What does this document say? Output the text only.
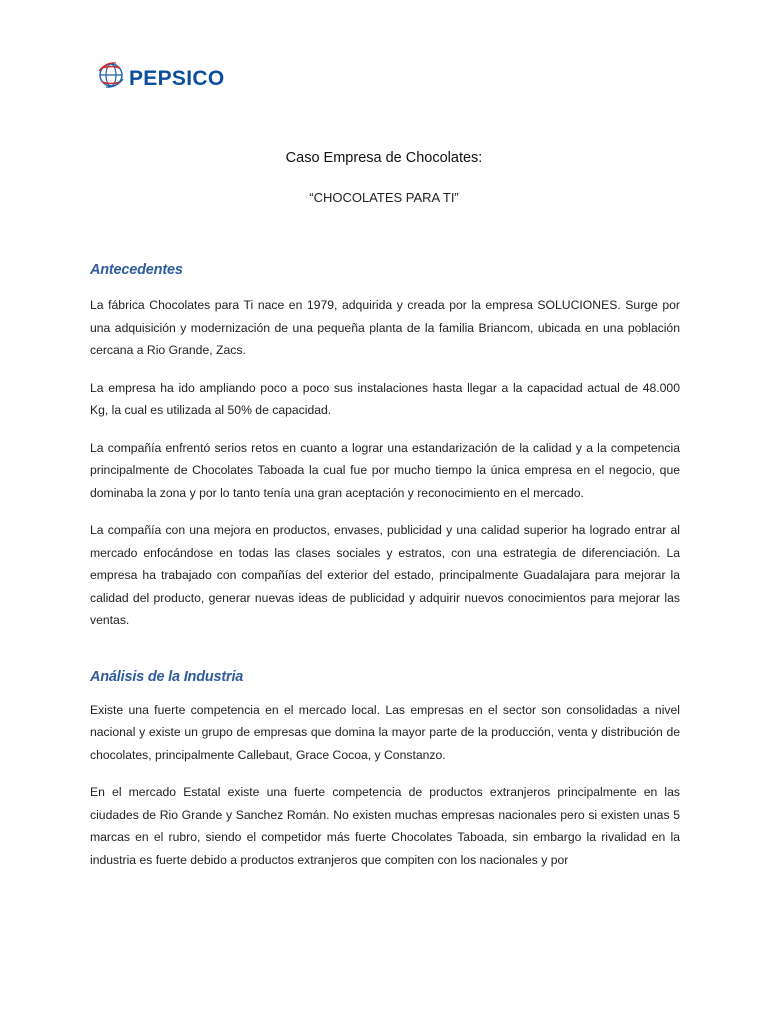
PEPSICO
Caso Empresa de Chocolates:
“CHOCOLATES PARA TI”
Antecedentes

La fábrica Chocolates para Ti nace en 1979, adquirida y creada por la empresa SOLUCIONES. Surge por una adquisición y modernización de una pequeña planta de la familia Briancom, ubicada en una población cercana a Rio Grande, Zacs.

La empresa ha ido ampliando poco a poco sus instalaciones hasta llegar a la capacidad actual de 48.000 Kg, la cual es utilizada al 50% de capacidad.

La compañía enfrentó serios retos en cuanto a lograr una estandarización de la calidad y a la competencia principalmente de Chocolates Taboada la cual fue por mucho tiempo la única empresa en el negocio, que dominaba la zona y por lo tanto tenía una gran aceptación y reconocimiento en el mercado.

La compañía con una mejora en productos, envases, publicidad y una calidad superior ha logrado entrar al mercado enfocándose en todas las clases sociales y estratos, con una estrategia de diferenciación. La empresa ha trabajado con compañías del exterior del estado, principalmente Guadalajara para mejorar la calidad del producto, generar nuevas ideas de publicidad y adquirir nuevos conocimientos para mejorar las ventas.

Análisis de la Industria

Existe una fuerte competencia en el mercado local. Las empresas en el sector son consolidadas a nivel nacional y existe un grupo de empresas que domina la mayor parte de la producción, venta y distribución de chocolates, principalmente Callebaut, Grace Cocoa, y Constanzo.

En el mercado Estatal existe una fuerte competencia de productos extranjeros principalmente en las ciudades de Rio Grande y Sanchez Román. No existen muchas empresas nacionales pero si existen unas 5 marcas en el rubro, siendo el competidor más fuerte Chocolates Taboada, sin embargo la rivalidad en la industria es fuerte debido a productos extranjeros que compiten con los nacionales y por
